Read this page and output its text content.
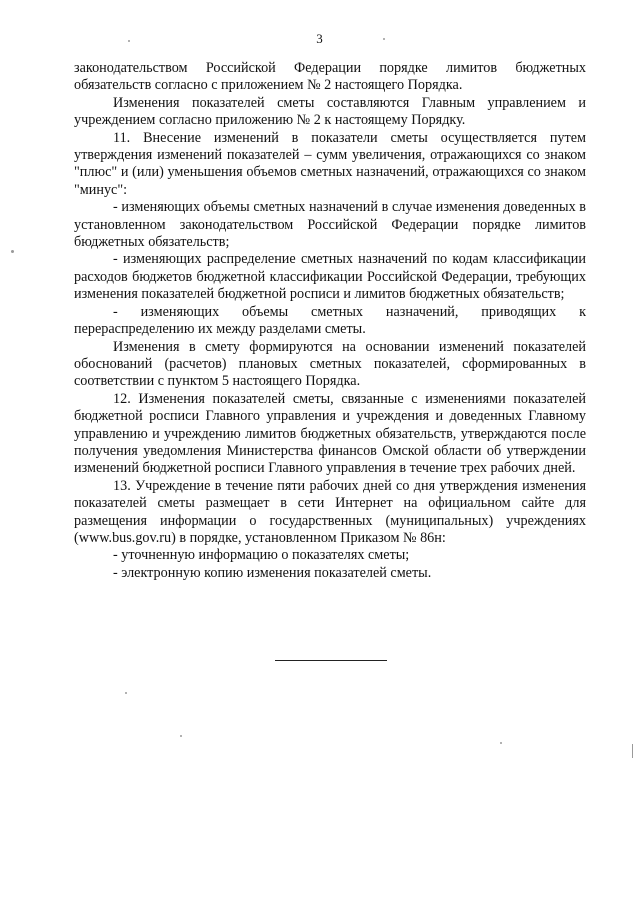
3

законодательством Российской Федерации порядке лимитов бюджетных обязательств согласно с приложением № 2 настоящего Порядка.

Изменения показателей сметы составляются Главным управлением и учреждением согласно приложению № 2 к настоящему Порядку.

11. Внесение изменений в показатели сметы осуществляется путем утверждения изменений показателей – сумм увеличения, отражающихся со знаком "плюс" и (или) уменьшения объемов сметных назначений, отражающихся со знаком "минус":

- изменяющих объемы сметных назначений в случае изменения доведенных в установленном законодательством Российской Федерации порядке лимитов бюджетных обязательств;

- изменяющих распределение сметных назначений по кодам классификации расходов бюджетов бюджетной классификации Российской Федерации, требующих изменения показателей бюджетной росписи и лимитов бюджетных обязательств;

- изменяющих объемы сметных назначений, приводящих к перераспределению их между разделами сметы.

Изменения в смету формируются на основании изменений показателей обоснований (расчетов) плановых сметных показателей, сформированных в соответствии с пунктом 5 настоящего Порядка.

12. Изменения показателей сметы, связанные с изменениями показателей бюджетной росписи Главного управления и учреждения и доведенных Главному управлению и учреждению лимитов бюджетных обязательств, утверждаются после получения уведомления Министерства финансов Омской области об утверждении изменений бюджетной росписи Главного управления в течение трех рабочих дней.

13. Учреждение в течение пяти рабочих дней со дня утверждения изменения показателей сметы размещает в сети Интернет на официальном сайте для размещения информации о государственных (муниципальных) учреждениях (www.bus.gov.ru) в порядке, установленном Приказом № 86н:

- уточненную информацию о показателях сметы;

- электронную копию изменения показателей сметы.
